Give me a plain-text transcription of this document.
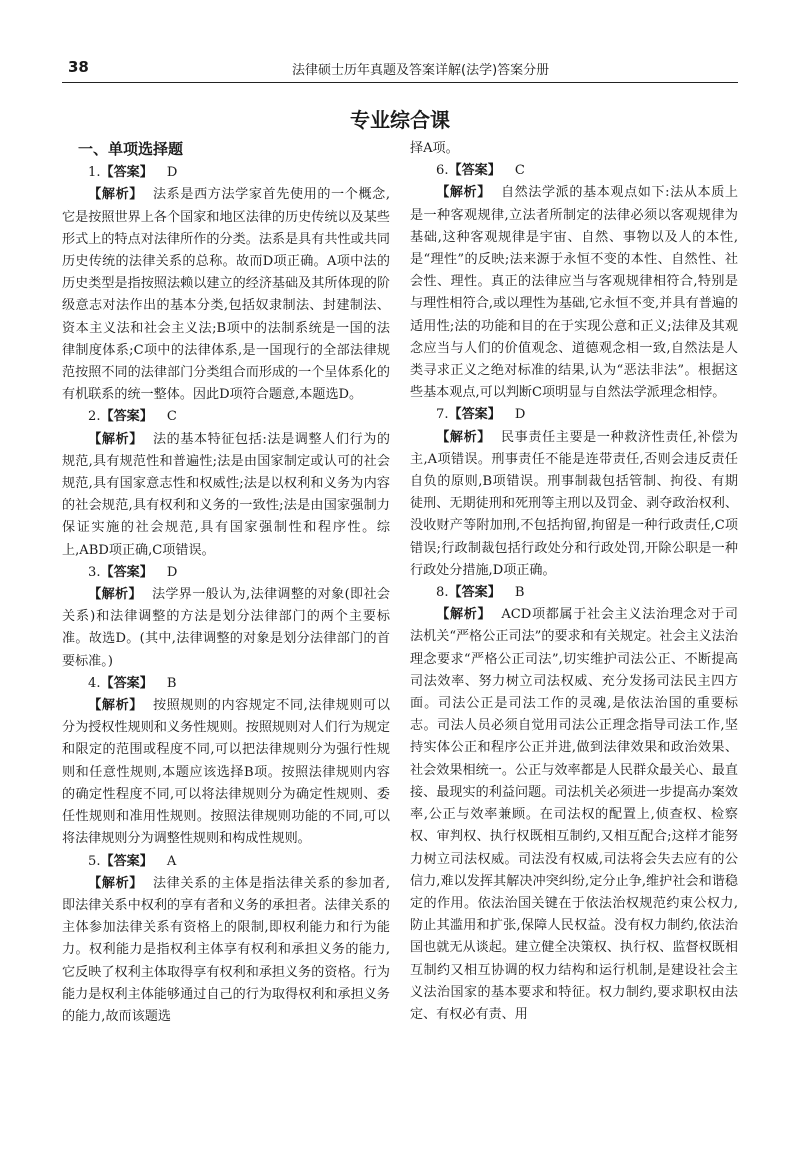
38	法律硕士历年真题及答案详解(法学)答案分册
专业综合课

一、单项选择题

1.【答案】 D

【解析】 法系是西方法学家首先使用的一个概念,它是按照世界上各个国家和地区法律的历史传统以及某些形式上的特点对法律所作的分类。法系是具有共性或共同历史传统的法律关系的总称。故而D项正确。A项中法的历史类型是指按照法赖以建立的经济基础及其所体现的阶级意志对法作出的基本分类,包括奴隶制法、封建制法、资本主义法和社会主义法;B项中的法制系统是一国的法律制度体系;C项中的法律体系,是一国现行的全部法律规范按照不同的法律部门分类组合而形成的一个呈体系化的有机联系的统一整体。因此D项符合题意,本题选D。

2.【答案】 C

【解析】 法的基本特征包括:法是调整人们行为的规范,具有规范性和普遍性;法是由国家制定或认可的社会规范,具有国家意志性和权威性;法是以权利和义务为内容的社会规范,具有权利和义务的一致性;法是由国家强制力保证实施的社会规范,具有国家强制性和程序性。综上,ABD项正确,C项错误。

3.【答案】 D

【解析】 法学界一般认为,法律调整的对象(即社会关系)和法律调整的方法是划分法律部门的两个主要标准。故选D。(其中,法律调整的对象是划分法律部门的首要标准。)

4.【答案】 B

【解析】 按照规则的内容规定不同,法律规则可以分为授权性规则和义务性规则。按照规则对人们行为规定和限定的范围或程度不同,可以把法律规则分为强行性规则和任意性规则,本题应该选择B项。按照法律规则内容的确定性程度不同,可以将法律规则分为确定性规则、委任性规则和准用性规则。按照法律规则功能的不同,可以将法律规则分为调整性规则和构成性规则。

5.【答案】 A

【解析】 法律关系的主体是指法律关系的参加者,即法律关系中权利的享有者和义务的承担者。法律关系的主体参加法律关系有资格上的限制,即权利能力和行为能力。权利能力是指权利主体享有权利和承担义务的能力,它反映了权利主体取得享有权利和承担义务的资格。行为能力是权利主体能够通过自己的行为取得权利和承担义务的能力,故而该题选

择A项。

6.【答案】 C

【解析】 自然法学派的基本观点如下:法从本质上是一种客观规律,立法者所制定的法律必须以客观规律为基础,这种客观规律是宇宙、自然、事物以及人的本性,是“理性”的反映;法来源于永恒不变的本性、自然性、社会性、理性。真正的法律应当与客观规律相符合,特别是与理性相符合,或以理性为基础,它永恒不变,并具有普遍的适用性;法的功能和目的在于实现公意和正义;法律及其观念应当与人们的价值观念、道德观念相一致,自然法是人类寻求正义之绝对标准的结果,认为“恶法非法”。根据这些基本观点,可以判断C项明显与自然法学派理念相悖。

7.【答案】 D

【解析】 民事责任主要是一种救济性责任,补偿为主,A项错误。刑事责任不能是连带责任,否则会违反责任自负的原则,B项错误。刑事制裁包括管制、拘役、有期徒刑、无期徒刑和死刑等主刑以及罚金、剥夺政治权利、没收财产等附加刑,不包括拘留,拘留是一种行政责任,C项错误;行政制裁包括行政处分和行政处罚,开除公职是一种行政处分措施,D项正确。

8.【答案】 B

【解析】 ACD项都属于社会主义法治理念对于司法机关“严格公正司法”的要求和有关规定。社会主义法治理念要求“严格公正司法”,切实维护司法公正、不断提高司法效率、努力树立司法权威、充分发扬司法民主四方面。司法公正是司法工作的灵魂,是依法治国的重要标志。司法人员必须自觉用司法公正理念指导司法工作,坚持实体公正和程序公正并进,做到法律效果和政治效果、社会效果相统一。公正与效率都是人民群众最关心、最直接、最现实的利益问题。司法机关必须进一步提高办案效率,公正与效率兼顾。在司法权的配置上,侦查权、检察权、审判权、执行权既相互制约,又相互配合;这样才能努力树立司法权威。司法没有权威,司法将会失去应有的公信力,难以发挥其解决冲突纠纷,定分止争,维护社会和谐稳定的作用。依法治国关键在于依法治权规范约束公权力,防止其滥用和扩张,保障人民权益。没有权力制约,依法治国也就无从谈起。建立健全决策权、执行权、监督权既相互制约又相互协调的权力结构和运行机制,是建设社会主义法治国家的基本要求和特征。权力制约,要求职权由法定、有权必有责、用
